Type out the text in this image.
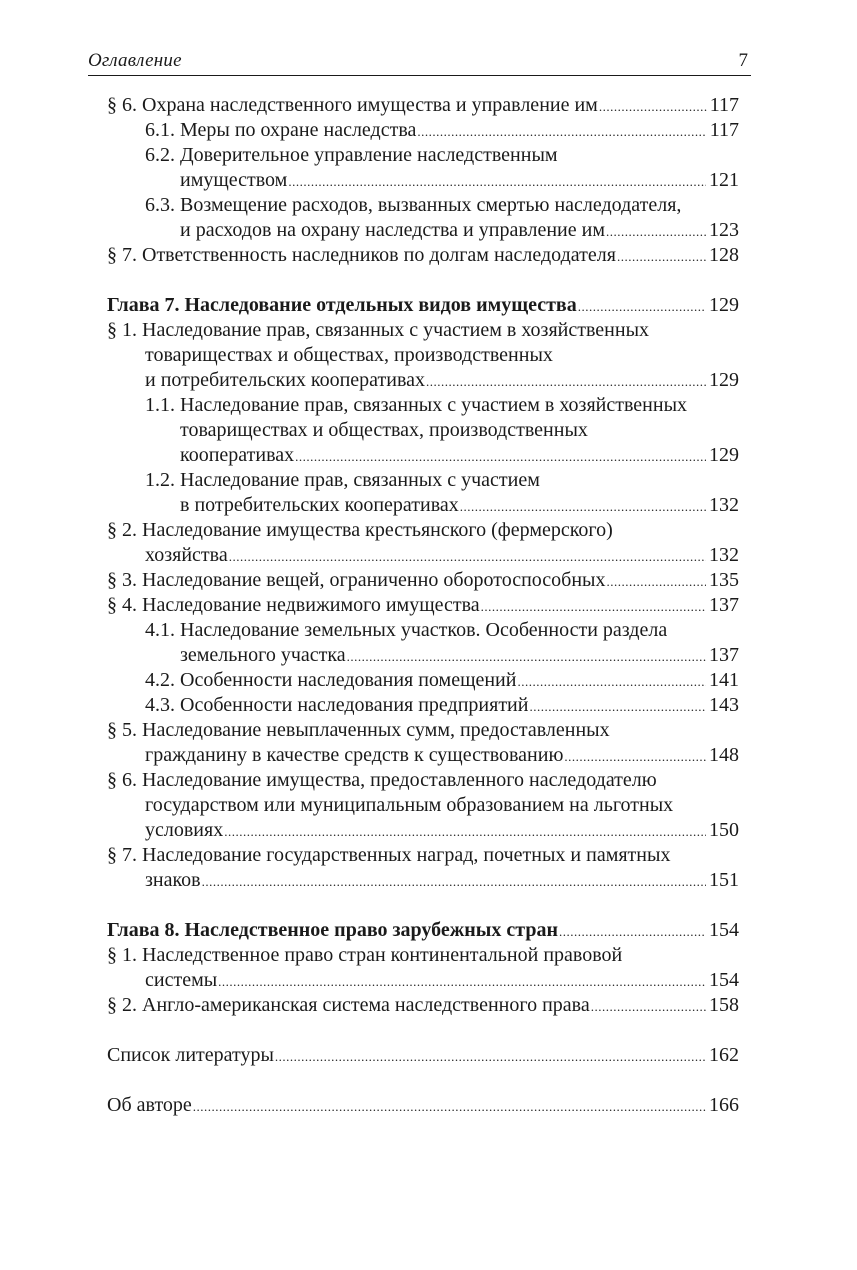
Оглавление	7
§ 6. Охрана наследственного имущества и управление им .....	117
6.1. Меры по охране наследства .....	117
6.2. Доверительное управление наследственным
имуществом .....	121
6.3. Возмещение расходов, вызванных смертью наследодателя,
и расходов на охрану наследства и управление им .....	123
§ 7. Ответственность наследников по долгам наследодателя .....	128
Глава 7. Наследование отдельных видов имущества .....	129
§ 1. Наследование прав, связанных с участием в хозяйственных
товариществах и обществах, производственных
и потребительских кооперативах .....	129
1.1. Наследование прав, связанных с участием в хозяйственных
товариществах и обществах, производственных
кооперативах .....	129
1.2. Наследование прав, связанных с участием
в потребительских кооперативах .....	132
§ 2. Наследование имущества крестьянского (фермерского)
хозяйства .....	132
§ 3. Наследование вещей, ограниченно оборотоспособных .....	135
§ 4. Наследование недвижимого имущества .....	137
4.1. Наследование земельных участков. Особенности раздела
земельного участка .....	137
4.2. Особенности наследования помещений .....	141
4.3. Особенности наследования предприятий .....	143
§ 5. Наследование невыплаченных сумм, предоставленных
гражданину в качестве средств к существованию .....	148
§ 6. Наследование имущества, предоставленного наследодателю
государством или муниципальным образованием на льготных
условиях .....	150
§ 7. Наследование государственных наград, почетных и памятных
знаков .....	151
Глава 8. Наследственное право зарубежных стран .....	154
§ 1. Наследственное право стран континентальной правовой
системы .....	154
§ 2. Англо-американская система наследственного права .....	158
Список литературы .....	162
Об авторе .....	166
